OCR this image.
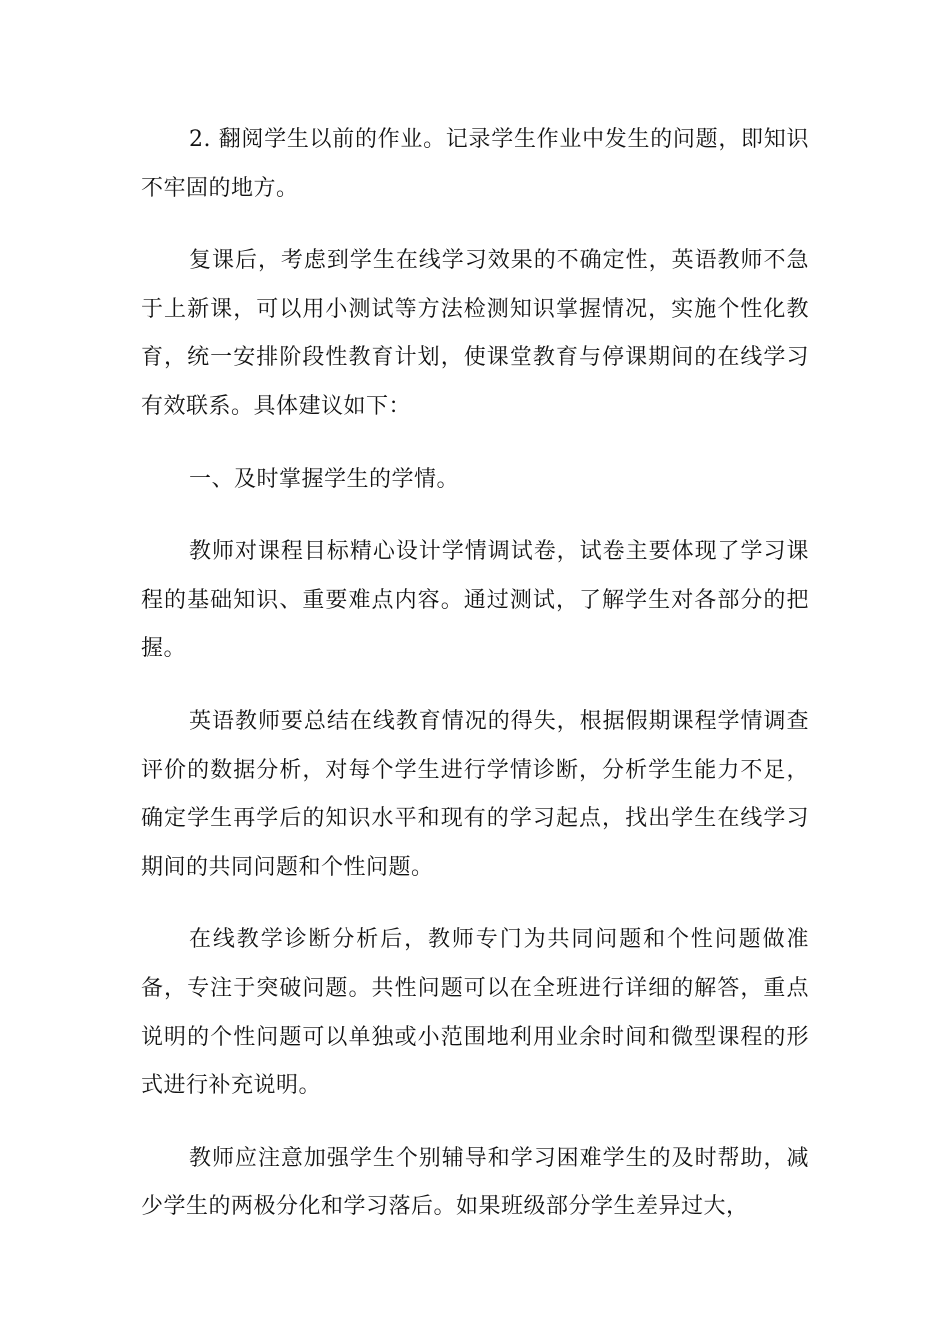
2. 翻阅学生以前的作业。记录学生作业中发生的问题，即知识不牢固的地方。

复课后，考虑到学生在线学习效果的不确定性，英语教师不急于上新课，可以用小测试等方法检测知识掌握情况，实施个性化教育，统一安排阶段性教育计划，使课堂教育与停课期间的在线学习有效联系。具体建议如下：

一、及时掌握学生的学情。

教师对课程目标精心设计学情调试卷，试卷主要体现了学习课程的基础知识、重要难点内容。通过测试，了解学生对各部分的把握。

英语教师要总结在线教育情况的得失，根据假期课程学情调查评价的数据分析，对每个学生进行学情诊断，分析学生能力不足，确定学生再学后的知识水平和现有的学习起点，找出学生在线学习期间的共同问题和个性问题。

在线教学诊断分析后，教师专门为共同问题和个性问题做准备，专注于突破问题。共性问题可以在全班进行详细的解答，重点说明的个性问题可以单独或小范围地利用业余时间和微型课程的形式进行补充说明。

教师应注意加强学生个别辅导和学习困难学生的及时帮助，减少学生的两极分化和学习落后。如果班级部分学生差异过大，
